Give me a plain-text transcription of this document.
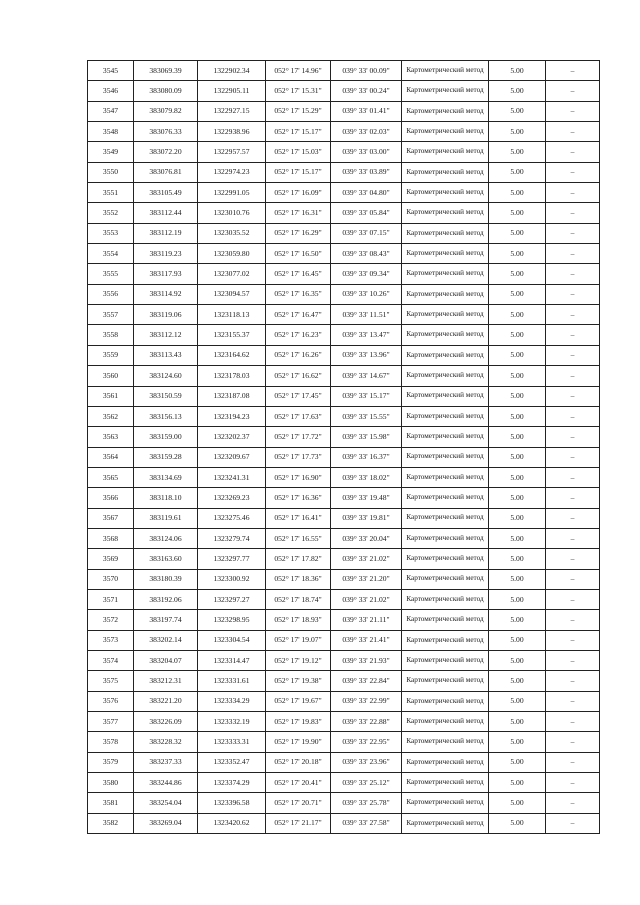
3545	383069.39	1322902.34	052° 17' 14.96"	039° 33' 00.09"	Картометрический метод	5.00	–
3546	383080.09	1322905.11	052° 17' 15.31"	039° 33' 00.24"	Картометрический метод	5.00	–
3547	383079.82	1322927.15	052° 17' 15.29"	039° 33' 01.41"	Картометрический метод	5.00	–
3548	383076.33	1322938.96	052° 17' 15.17"	039° 33' 02.03"	Картометрический метод	5.00	–
3549	383072.20	1322957.57	052° 17' 15.03"	039° 33' 03.00"	Картометрический метод	5.00	–
3550	383076.81	1322974.23	052° 17' 15.17"	039° 33' 03.89"	Картометрический метод	5.00	–
3551	383105.49	1322991.05	052° 17' 16.09"	039° 33' 04.80"	Картометрический метод	5.00	–
3552	383112.44	1323010.76	052° 17' 16.31"	039° 33' 05.84"	Картометрический метод	5.00	–
3553	383112.19	1323035.52	052° 17' 16.29"	039° 33' 07.15"	Картометрический метод	5.00	–
3554	383119.23	1323059.80	052° 17' 16.50"	039° 33' 08.43"	Картометрический метод	5.00	–
3555	383117.93	1323077.02	052° 17' 16.45"	039° 33' 09.34"	Картометрический метод	5.00	–
3556	383114.92	1323094.57	052° 17' 16.35"	039° 33' 10.26"	Картометрический метод	5.00	–
3557	383119.06	1323118.13	052° 17' 16.47"	039° 33' 11.51"	Картометрический метод	5.00	–
3558	383112.12	1323155.37	052° 17' 16.23"	039° 33' 13.47"	Картометрический метод	5.00	–
3559	383113.43	1323164.62	052° 17' 16.26"	039° 33' 13.96"	Картометрический метод	5.00	–
3560	383124.60	1323178.03	052° 17' 16.62"	039° 33' 14.67"	Картометрический метод	5.00	–
3561	383150.59	1323187.08	052° 17' 17.45"	039° 33' 15.17"	Картометрический метод	5.00	–
3562	383156.13	1323194.23	052° 17' 17.63"	039° 33' 15.55"	Картометрический метод	5.00	–
3563	383159.00	1323202.37	052° 17' 17.72"	039° 33' 15.98"	Картометрический метод	5.00	–
3564	383159.28	1323209.67	052° 17' 17.73"	039° 33' 16.37"	Картометрический метод	5.00	–
3565	383134.69	1323241.31	052° 17' 16.90"	039° 33' 18.02"	Картометрический метод	5.00	–
3566	383118.10	1323269.23	052° 17' 16.36"	039° 33' 19.48"	Картометрический метод	5.00	–
3567	383119.61	1323275.46	052° 17' 16.41"	039° 33' 19.81"	Картометрический метод	5.00	–
3568	383124.06	1323279.74	052° 17' 16.55"	039° 33' 20.04"	Картометрический метод	5.00	–
3569	383163.60	1323297.77	052° 17' 17.82"	039° 33' 21.02"	Картометрический метод	5.00	–
3570	383180.39	1323300.92	052° 17' 18.36"	039° 33' 21.20"	Картометрический метод	5.00	–
3571	383192.06	1323297.27	052° 17' 18.74"	039° 33' 21.02"	Картометрический метод	5.00	–
3572	383197.74	1323298.95	052° 17' 18.93"	039° 33' 21.11"	Картометрический метод	5.00	–
3573	383202.14	1323304.54	052° 17' 19.07"	039° 33' 21.41"	Картометрический метод	5.00	–
3574	383204.07	1323314.47	052° 17' 19.12"	039° 33' 21.93"	Картометрический метод	5.00	–
3575	383212.31	1323331.61	052° 17' 19.38"	039° 33' 22.84"	Картометрический метод	5.00	–
3576	383221.20	1323334.29	052° 17' 19.67"	039° 33' 22.99"	Картометрический метод	5.00	–
3577	383226.09	1323332.19	052° 17' 19.83"	039° 33' 22.88"	Картометрический метод	5.00	–
3578	383228.32	1323333.31	052° 17' 19.90"	039° 33' 22.95"	Картометрический метод	5.00	–
3579	383237.33	1323352.47	052° 17' 20.18"	039° 33' 23.96"	Картометрический метод	5.00	–
3580	383244.86	1323374.29	052° 17' 20.41"	039° 33' 25.12"	Картометрический метод	5.00	–
3581	383254.04	1323396.58	052° 17' 20.71"	039° 33' 25.78"	Картометрический метод	5.00	–
3582	383269.04	1323420.62	052° 17' 21.17"	039° 33' 27.58"	Картометрический метод	5.00	–
